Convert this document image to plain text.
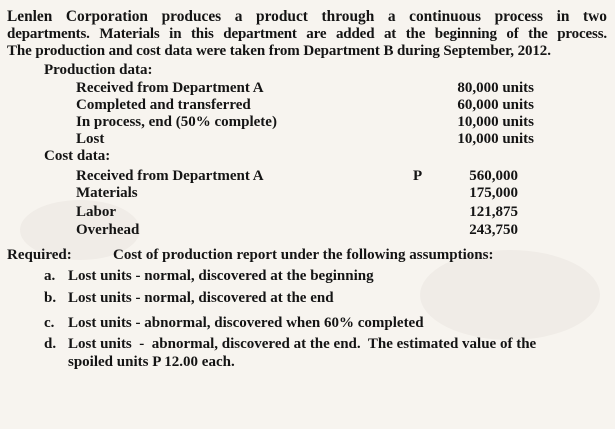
Lenlen Corporation produces a product through a continuous process in two
departments. Materials in this department are added at the beginning of the process.
The production and cost data were taken from Department B during September, 2012.
Production data:
Received from Department A	80,000 units
Completed and transferred	60,000 units
In process, end (50% complete)	10,000 units
Lost	10,000 units
Cost data:
Received from Department A	P	560,000
Materials	175,000
Labor	121,875
Overhead	243,750
Required:	Cost of production report under the following assumptions:
a. Lost units - normal, discovered at the beginning
b. Lost units - normal, discovered at the end
c. Lost units - abnormal, discovered when 60% completed
d. Lost units  -  abnormal, discovered at the end.  The estimated value of the
spoiled units P 12.00 each.
